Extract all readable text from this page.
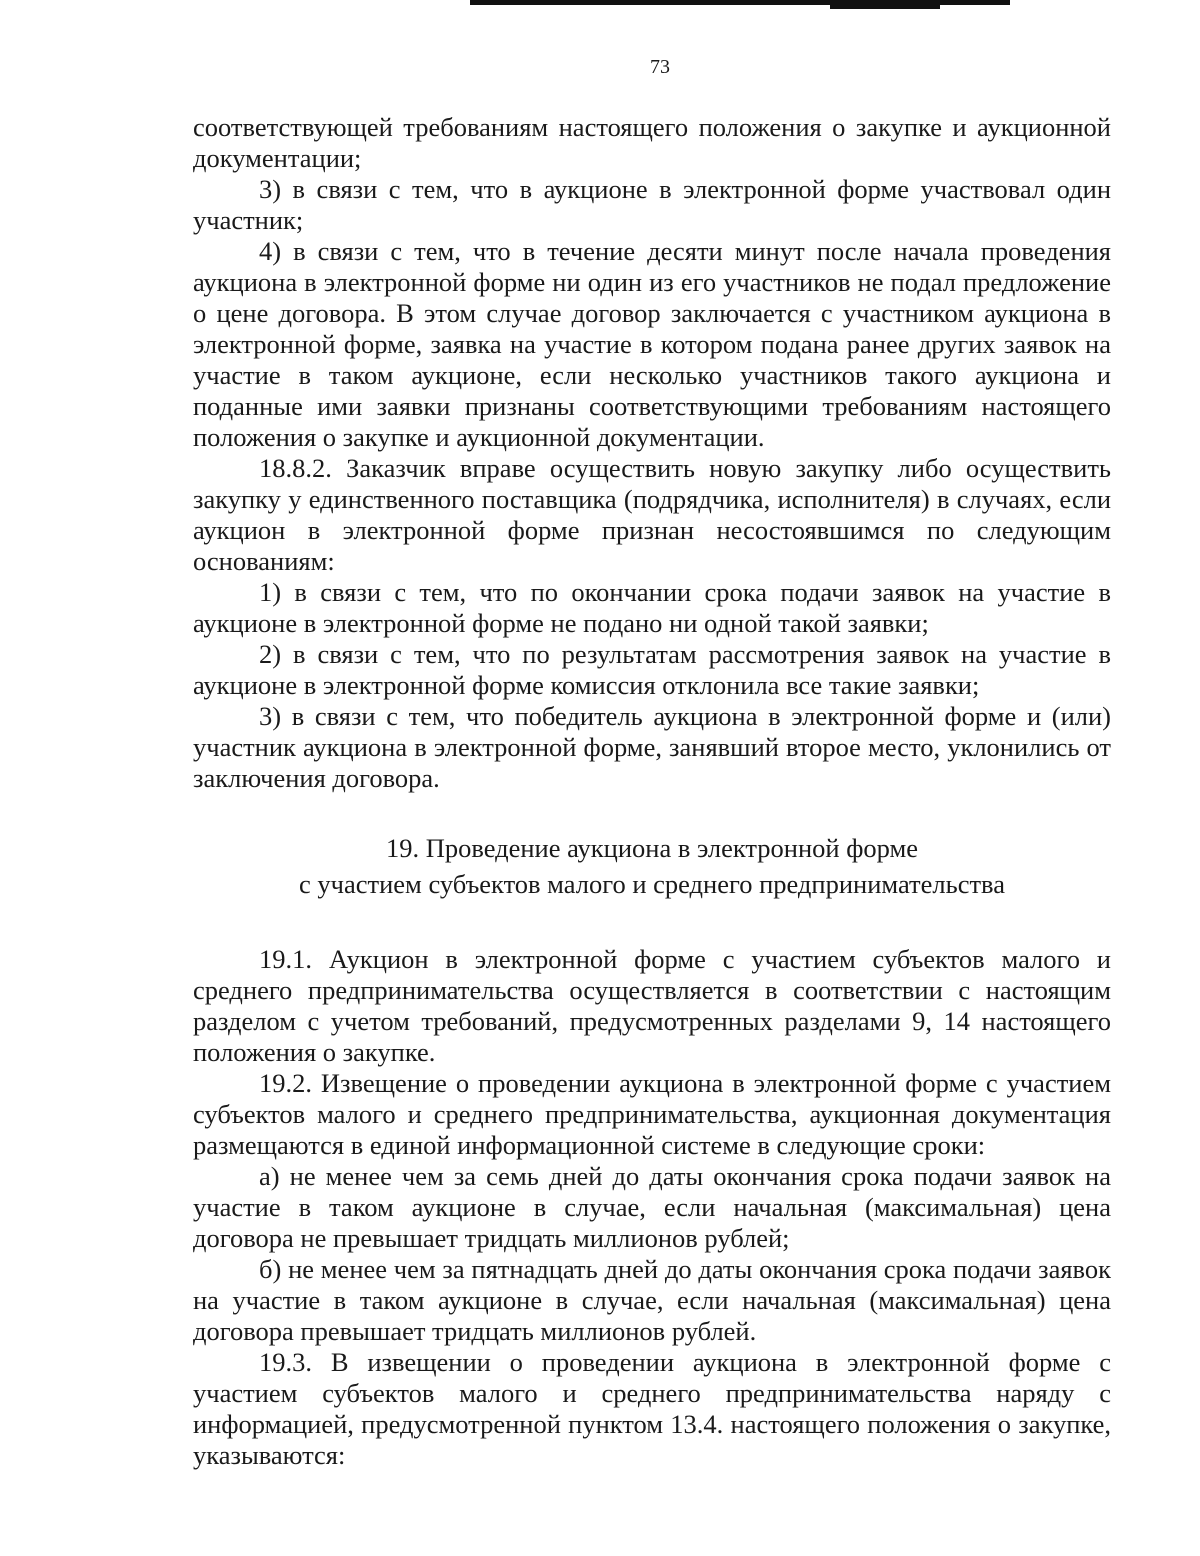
73

соответствующей требованиям настоящего положения о закупке и аукционной документации;

3) в связи с тем, что в аукционе в электронной форме участвовал один участник;

4) в связи с тем, что в течение десяти минут после начала проведения аукциона в электронной форме ни один из его участников не подал предложение о цене договора. В этом случае договор заключается с участником аукциона в электронной форме, заявка на участие в котором подана ранее других заявок на участие в таком аукционе, если несколько участников такого аукциона и поданные ими заявки признаны соответствующими требованиям настоящего положения о закупке и аукционной документации.

18.8.2. Заказчик вправе осуществить новую закупку либо осуществить закупку у единственного поставщика (подрядчика, исполнителя) в случаях, если аукцион в электронной форме признан несостоявшимся по следующим основаниям:

1) в связи с тем, что по окончании срока подачи заявок на участие в аукционе в электронной форме не подано ни одной такой заявки;

2) в связи с тем, что по результатам рассмотрения заявок на участие в аукционе в электронной форме комиссия отклонила все такие заявки;

3) в связи с тем, что победитель аукциона в электронной форме и (или) участник аукциона в электронной форме, занявший второе место, уклонились от заключения договора.

19. Проведение аукциона в электронной форме
с участием субъектов малого и среднего предпринимательства

19.1. Аукцион в электронной форме с участием субъектов малого и среднего предпринимательства осуществляется в соответствии с настоящим разделом с учетом требований, предусмотренных разделами 9, 14 настоящего положения о закупке.

19.2. Извещение о проведении аукциона в электронной форме с участием субъектов малого и среднего предпринимательства, аукционная документация размещаются в единой информационной системе в следующие сроки:

а) не менее чем за семь дней до даты окончания срока подачи заявок на участие в таком аукционе в случае, если начальная (максимальная) цена договора не превышает тридцать миллионов рублей;

б) не менее чем за пятнадцать дней до даты окончания срока подачи заявок на участие в таком аукционе в случае, если начальная (максимальная) цена договора превышает тридцать миллионов рублей.

19.3. В извещении о проведении аукциона в электронной форме с участием субъектов малого и среднего предпринимательства наряду с информацией, предусмотренной пунктом 13.4. настоящего положения о закупке, указываются:
